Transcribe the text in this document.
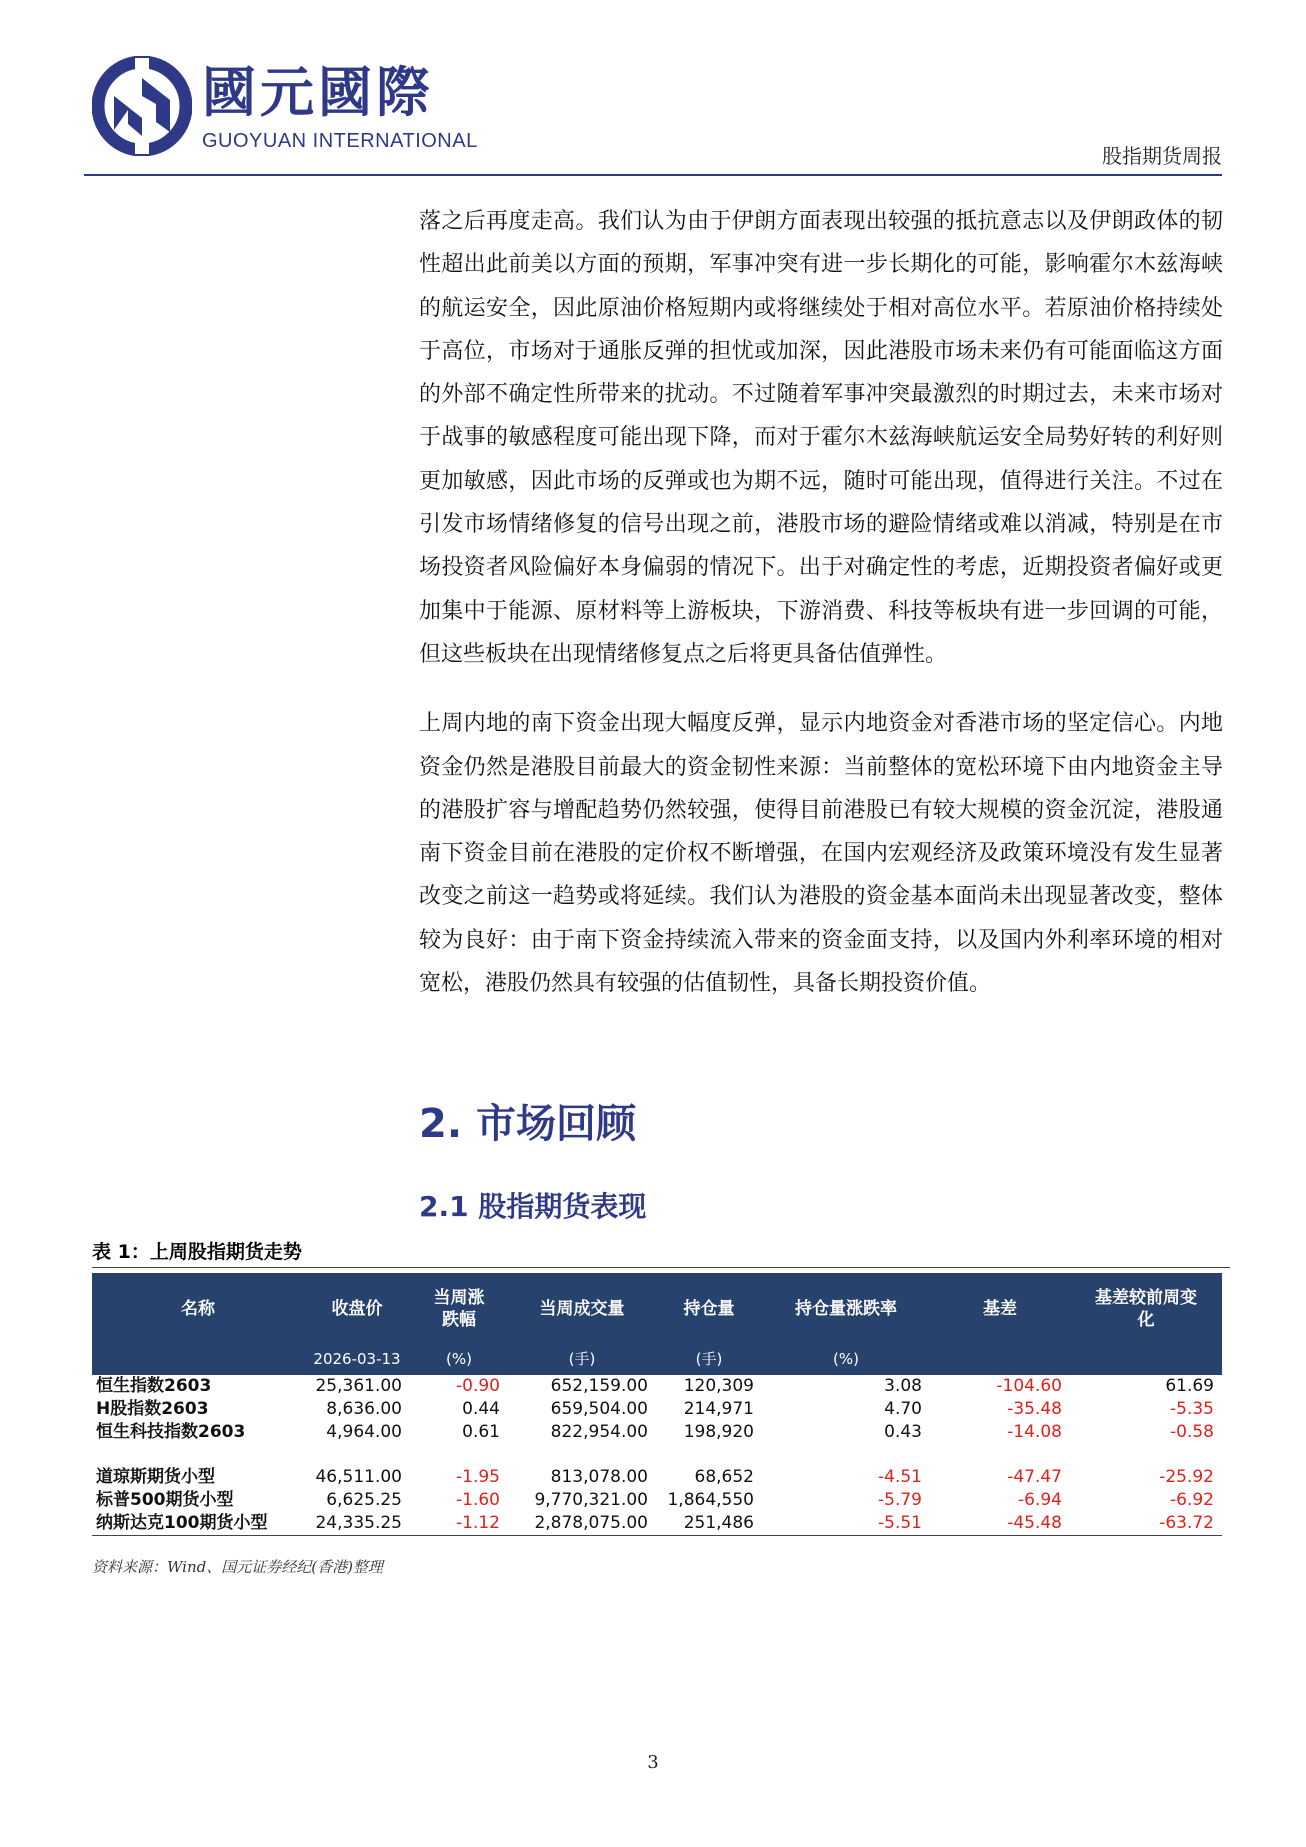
國元國際
GUOYUAN INTERNATIONAL
股指期货周报

落之后再度走高。我们认为由于伊朗方面表现出较强的抵抗意志以及伊朗政体的韧性超出此前美以方面的预期，军事冲突有进一步长期化的可能，影响霍尔木兹海峡的航运安全，因此原油价格短期内或将继续处于相对高位水平。若原油价格持续处于高位，市场对于通胀反弹的担忧或加深，因此港股市场未来仍有可能面临这方面的外部不确定性所带来的扰动。不过随着军事冲突最激烈的时期过去，未来市场对于战事的敏感程度可能出现下降，而对于霍尔木兹海峡航运安全局势好转的利好则更加敏感，因此市场的反弹或也为期不远，随时可能出现，值得进行关注。不过在引发市场情绪修复的信号出现之前，港股市场的避险情绪或难以消减，特别是在市场投资者风险偏好本身偏弱的情况下。出于对确定性的考虑，近期投资者偏好或更加集中于能源、原材料等上游板块，下游消费、科技等板块有进一步回调的可能，但这些板块在出现情绪修复点之后将更具备估值弹性。

上周内地的南下资金出现大幅度反弹，显示内地资金对香港市场的坚定信心。内地资金仍然是港股目前最大的资金韧性来源：当前整体的宽松环境下由内地资金主导的港股扩容与增配趋势仍然较强，使得目前港股已有较大规模的资金沉淀，港股通南下资金目前在港股的定价权不断增强，在国内宏观经济及政策环境没有发生显著改变之前这一趋势或将延续。我们认为港股的资金基本面尚未出现显著改变，整体较为良好：由于南下资金持续流入带来的资金面支持，以及国内外利率环境的相对宽松，港股仍然具有较强的估值韧性，具备长期投资价值。

2. 市场回顾
2.1 股指期货表现
表 1：上周股指期货走势
名称	收盘价	当周涨跌幅	当周成交量	持仓量	持仓量涨跌率	基差	基差较前周变化
	2026-03-13	(%)	(手)	(手)	(%)		
恒生指数2603	25,361.00	-0.90	652,159.00	120,309	3.08	-104.60	61.69
H股指数2603	8,636.00	0.44	659,504.00	214,971	4.70	-35.48	-5.35
恒生科技指数2603	4,964.00	0.61	822,954.00	198,920	0.43	-14.08	-0.58

道琼斯期货小型	46,511.00	-1.95	813,078.00	68,652	-4.51	-47.47	-25.92
标普500期货小型	6,625.25	-1.60	9,770,321.00	1,864,550	-5.79	-6.94	-6.92
纳斯达克100期货小型	24,335.25	-1.12	2,878,075.00	251,486	-5.51	-45.48	-63.72
资料来源：Wind、国元证券经纪(香港)整理
3
